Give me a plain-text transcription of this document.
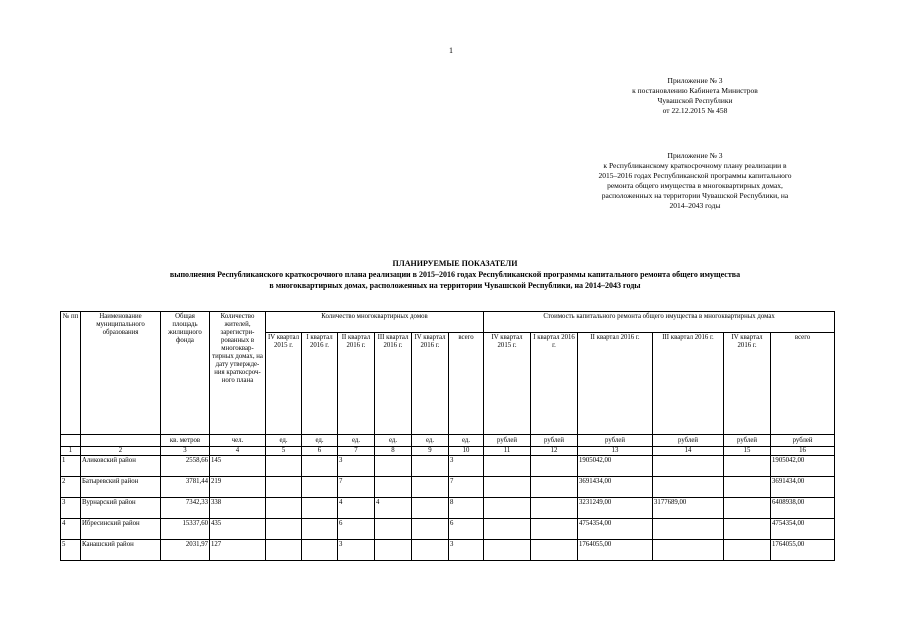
1
Приложение № 3
к постановлению Кабинета Министров
Чувашской Республики
от 22.12.2015 № 458
Приложение № 3
к Республиканскому краткосрочному плану реализации в
2015–2016 годах Республиканской программы капитального
ремонта общего имущества в многоквартирных домах,
расположенных на территории Чувашской Республики, на
2014–2043 годы
ПЛАНИРУЕМЫЕ ПОКАЗАТЕЛИ
выполнения Республиканского краткосрочного плана реализации в 2015–2016 годах Республиканской программы капитального ремонта общего имущества
в многоквартирных домах, расположенных на территории Чувашской Республики, на 2014–2043 годы
№ пп	Наименование муниципального образования	Общая площадь жилищного фонда	Количество жителей, зарегистри-рованных в многоквар-тирных домах, на дату утвержде-ния краткосроч-ного плана	Количество многоквартирных домов						Стоимость капитального ремонта общего имущества в многоквартирных домах					
				IV квартал 2015 г.	I квартал 2016 г.	II квартал 2016 г.	III квартал 2016 г.	IV квартал 2016 г.	всего	IV квартал 2015 г.	I квартал 2016 г.	II квартал 2016 г.	III квартал 2016 г.	IV квартал 2016 г.	всего
		кв. метров	чел.	ед.	ед.	ед.	ед.	ед.	ед.	рублей	рублей	рублей	рублей	рублей	рублей
1	2	3	4	5	6	7	8	9	10	11	12	13	14	15	16
1	Аликовский район	2558,66	145			3			3			1905042,00			1905042,00
2	Батыревский район	3781,44	219			7			7			3691434,00			3691434,00
3	Вурнарский район	7342,33	338			4	4		8			3231249,00	3177689,00		6408938,00
4	Ибресинский район	15337,60	435			6			6			4754354,00			4754354,00
5	Канашский район	2031,97	127			3			3			1764055,00			1764055,00
